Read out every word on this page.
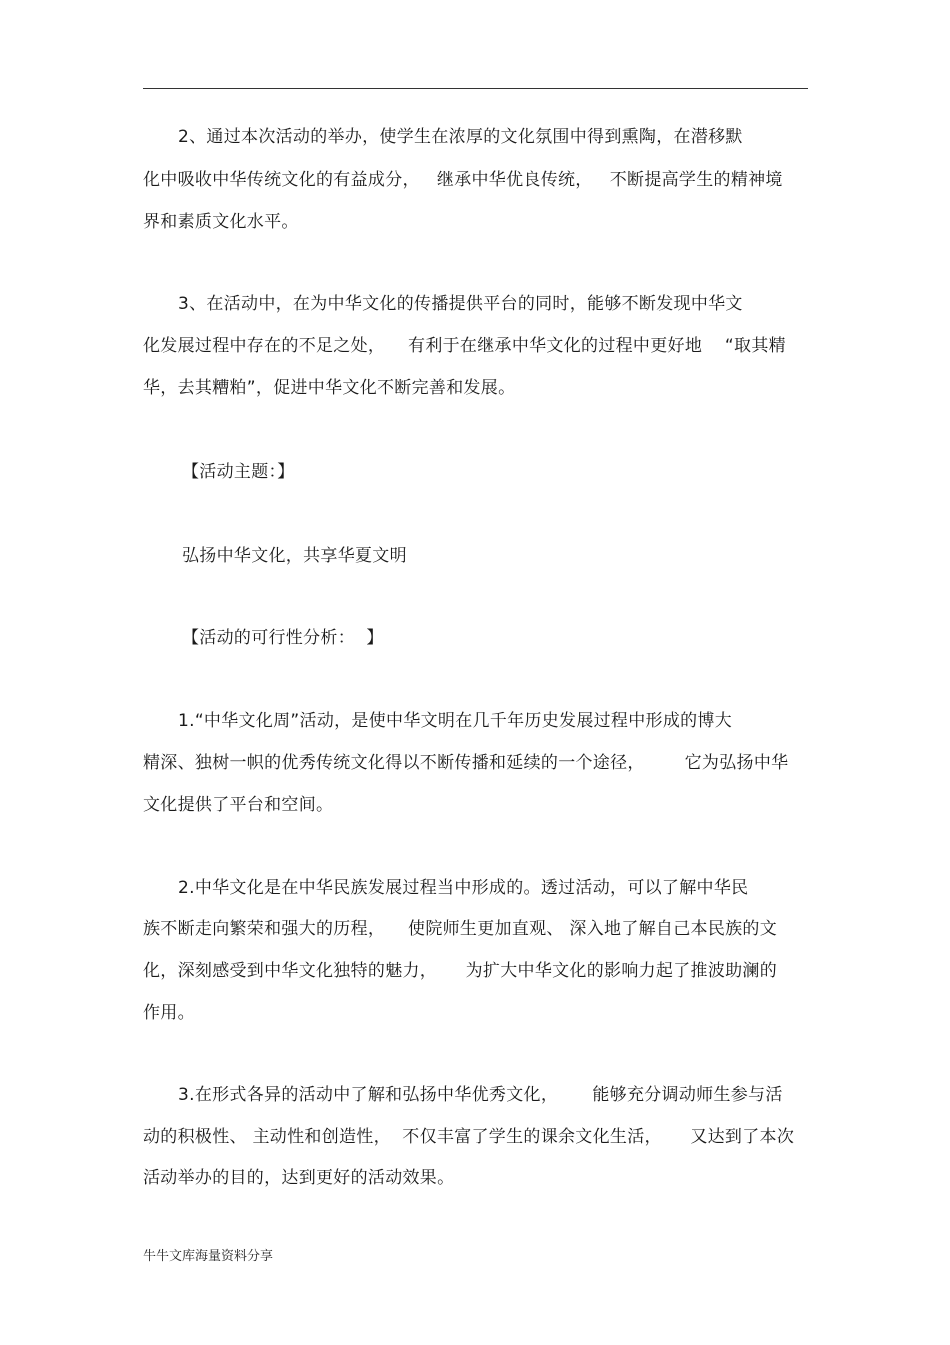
2、通过本次活动的举办，使学生在浓厚的文化氛围中得到熏陶，在潜移默
化中吸收中华传统文化的有益成分，   继承中华优良传统，   不断提高学生的精神境
界和素质文化水平。
3、在活动中，在为中华文化的传播提供平台的同时，能够不断发现中华文
化发展过程中存在的不足之处，    有利于在继承中华文化的过程中更好地    “取其精
华，去其糟粕”，促进中华文化不断完善和发展。
【活动主题：】
弘扬中华文化，共享华夏文明
【活动的可行性分析：  】
1.“中华文化周”活动，是使中华文明在几千年历史发展过程中形成的博大
精深、独树一帜的优秀传统文化得以不断传播和延续的一个途径，       它为弘扬中华
文化提供了平台和空间。
2.中华文化是在中华民族发展过程当中形成的。透过活动，可以了解中华民
族不断走向繁荣和强大的历程，    使院师生更加直观、 深入地了解自己本民族的文
化，深刻感受到中华文化独特的魅力，     为扩大中华文化的影响力起了推波助澜的
作用。
3.在形式各异的活动中了解和弘扬中华优秀文化，      能够充分调动师生参与活
动的积极性、 主动性和创造性，  不仅丰富了学生的课余文化生活，     又达到了本次
活动举办的目的，达到更好的活动效果。
牛牛文库海量资料分享
